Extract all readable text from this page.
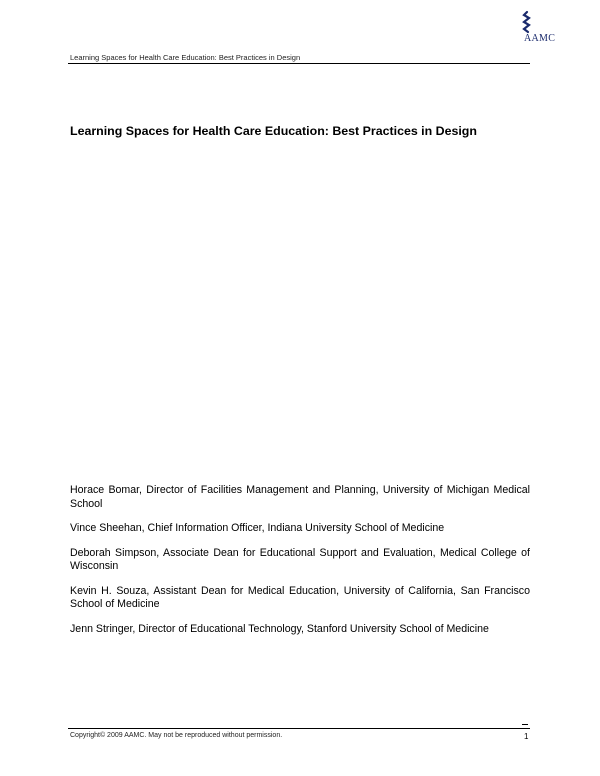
AAMC
Learning Spaces for Health Care Education: Best Practices in Design
Learning Spaces for Health Care Education: Best Practices in Design

Horace Bomar, Director of Facilities Management and Planning, University of Michigan Medical School

Vince Sheehan, Chief Information Officer, Indiana University School of Medicine

Deborah Simpson, Associate Dean for Educational Support and Evaluation, Medical College of Wisconsin

Kevin H. Souza, Assistant Dean for Medical Education, University of California, San Francisco School of Medicine

Jenn Stringer, Director of Educational Technology, Stanford University School of Medicine

Copyright© 2009 AAMC. May not be reproduced without permission.	1
